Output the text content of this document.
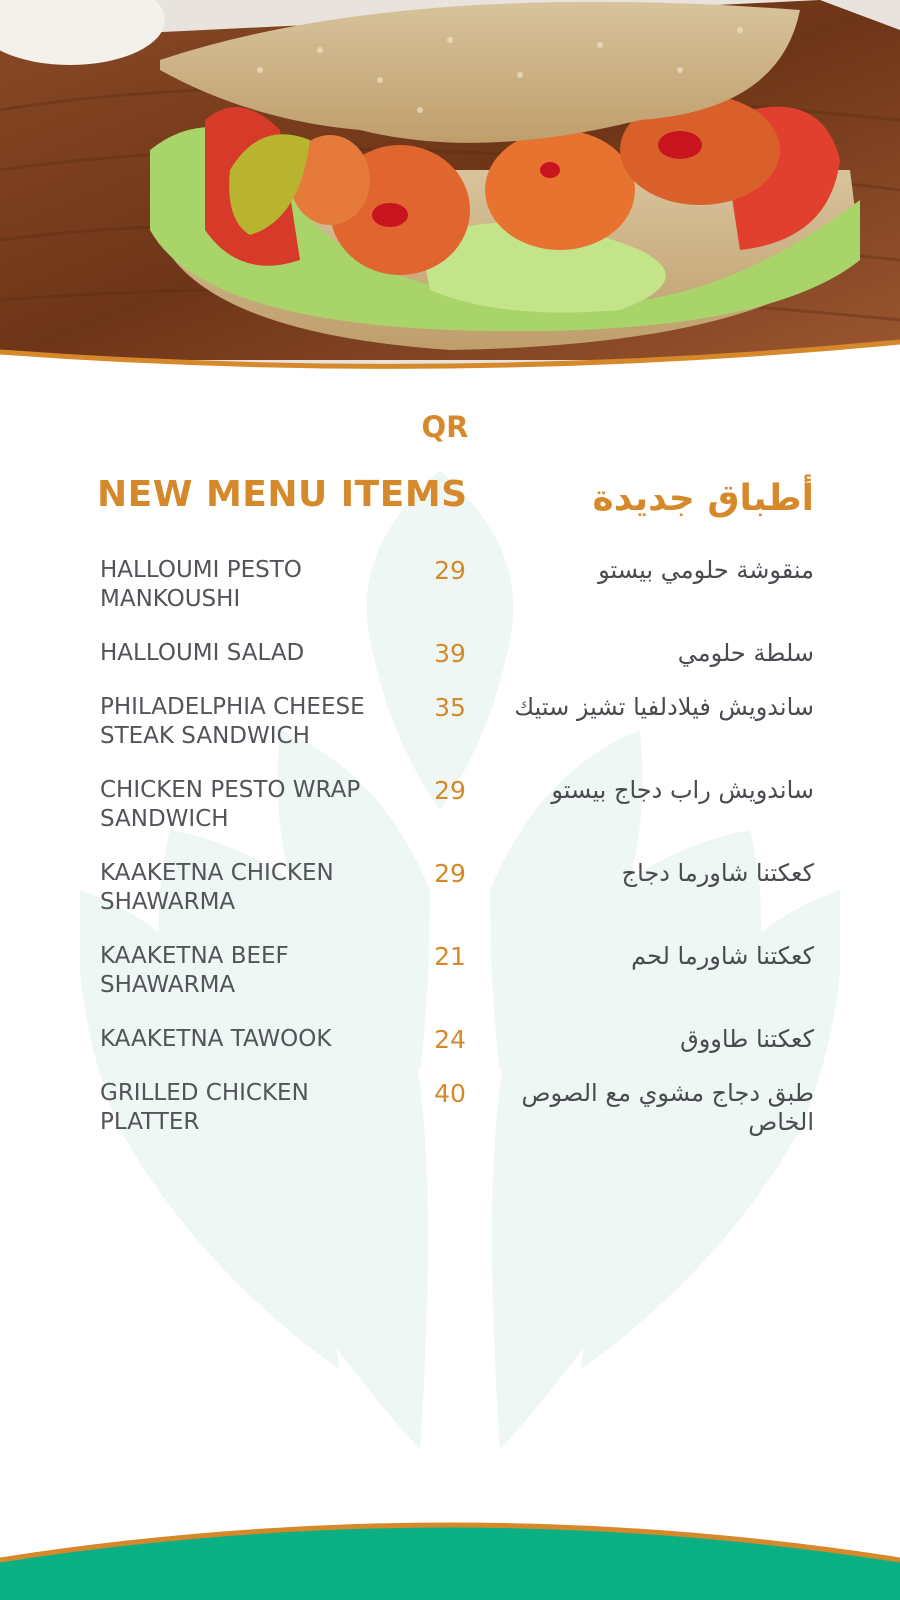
QR
NEW MENU ITEMS	أطباق جديدة
HALLOUMI PESTO MANKOUSHI
29	منقوشة حلومي بيستو
HALLOUMI SALAD	39	سلطة حلومي
PHILADELPHIA CHEESE STEAK SANDWICH
35	ساندويش فيلادلفيا تشيز ستيك
CHICKEN PESTO WRAP SANDWICH
29	ساندويش راب دجاج بيستو
KAAKETNA CHICKEN SHAWARMA
29	كعكتنا شاورما دجاج
KAAKETNA BEEF SHAWARMA
21	كعكتنا شاورما لحم
KAAKETNA TAWOOK	24	كعكتنا طاووق
GRILLED CHICKEN PLATTER
40	طبق دجاج مشوي مع الصوص الخاص
